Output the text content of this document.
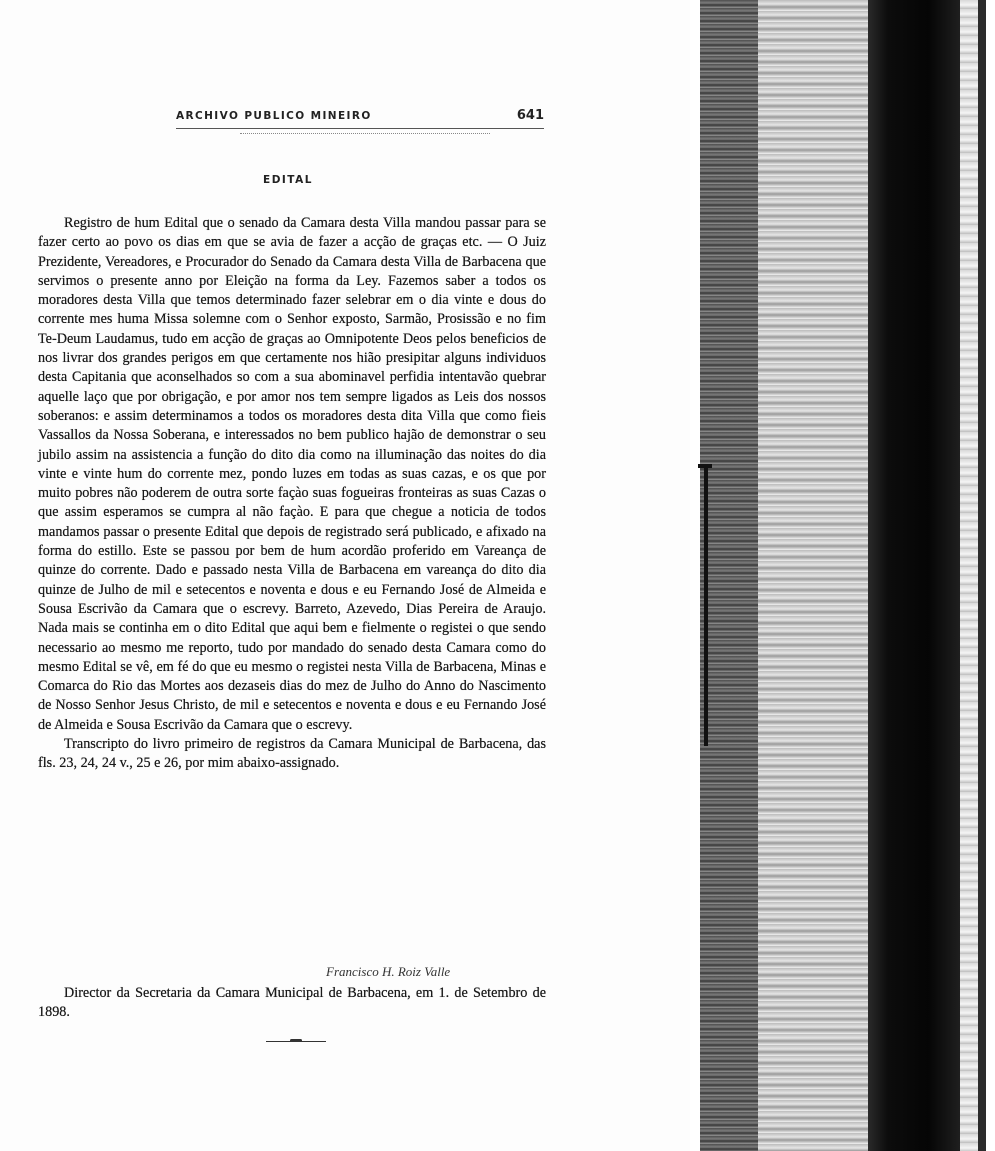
ARCHIVO PUBLICO MINEIRO	641
EDITAL

Registro de hum Edital que o senado da Camara desta Villa mandou passar para se fazer certo ao povo os dias em que se avia de fazer a acção de graças etc. — O Juiz Prezidente, Vereadores, e Procurador do Senado da Camara desta Villa de Barbacena que servimos o presente anno por Eleição na forma da Ley. Fazemos saber a todos os moradores desta Villa que temos determinado fazer selebrar em o dia vinte e dous do corrente mes huma Missa solemne com o Senhor exposto, Sarmão, Prosissão e no fim Te-Deum Laudamus, tudo em acção de graças ao Omnipotente Deos pelos beneficios de nos livrar dos grandes perigos em que certamente nos hião presipitar alguns individuos desta Capitania que aconselhados so com a sua abominavel perfidia intentavão quebrar aquelle laço que por obrigação, e por amor nos tem sempre ligados as Leis dos nossos soberanos: e assim determinamos a todos os moradores desta dita Villa que como fieis Vassallos da Nossa Soberana, e interessados no bem publico hajão de demonstrar o seu jubilo assim na assistencia a função do dito dia como na illuminação das noites do dia vinte e vinte hum do corrente mez, pondo luzes em todas as suas cazas, e os que por muito pobres não poderem de outra sorte façào suas fogueiras fronteiras as suas Cazas o que assim esperamos se cumpra al não façào. E para que chegue a noticia de todos mandamos passar o presente Edital que depois de registrado será publicado, e afixado na forma do estillo. Este se passou por bem de hum acordão proferido em Vareança de quinze do corrente. Dado e passado nesta Villa de Barbacena em vareança do dito dia quinze de Julho de mil e setecentos e noventa e dous e eu Fernando José de Almeida e Sousa Escrivão da Camara que o escrevy. Barreto, Azevedo, Dias Pereira de Araujo. Nada mais se continha em o dito Edital que aqui bem e fielmente o registei o que sendo necessario ao mesmo me reporto, tudo por mandado do senado desta Camara como do mesmo Edital se vê, em fé do que eu mesmo o registei nesta Villa de Barbacena, Minas e Comarca do Rio das Mortes aos dezaseis dias do mez de Julho do Anno do Nascimento de Nosso Senhor Jesus Christo, de mil e setecentos e noventa e dous e eu Fernando José de Almeida e Sousa Escrivão da Camara que o escrevy.

Transcripto do livro primeiro de registros da Camara Municipal de Barbacena, das fls. 23, 24, 24 v., 25 e 26, por mim abaixo-assignado.

Francisco H. Roiz Valle

Director da Secretaria da Camara Municipal de Barbacena, em 1. de Setembro de 1898.
